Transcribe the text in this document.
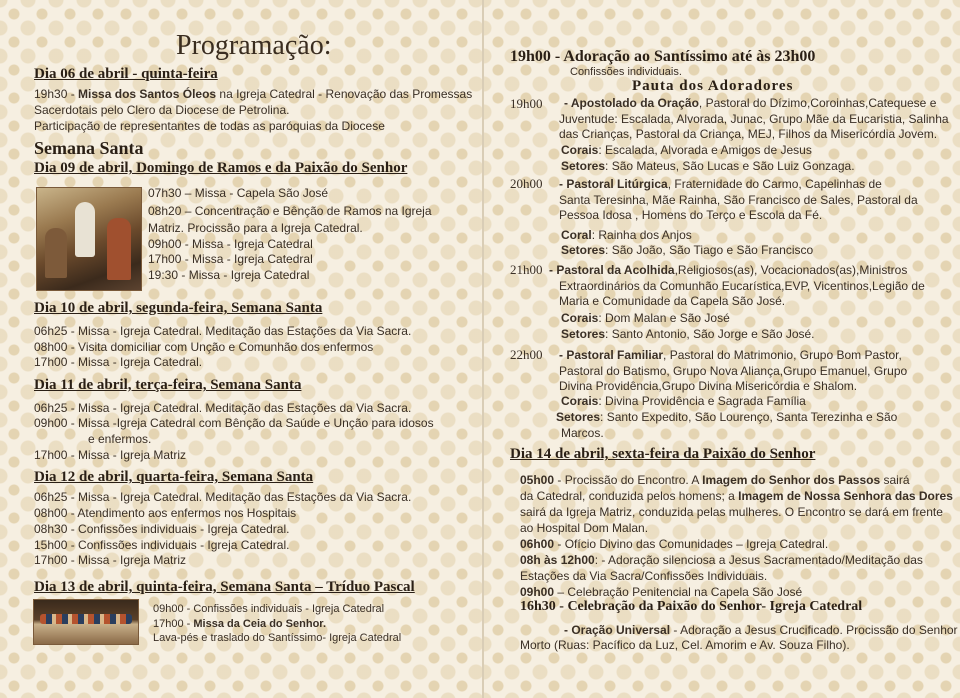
Programação:
Dia 06 de abril - quinta-feira
19h30 - Missa dos Santos Óleos na Igreja Catedral - Renovação das Promessas
Sacerdotais pelo Clero da Diocese de Petrolina.
Participação de representantes de todas as paróquias da Diocese
Semana Santa
Dia 09 de abril, Domingo de Ramos e da Paixão do Senhor
07h30 – Missa - Capela São José
08h20 – Concentração e Bênção de Ramos na Igreja
Matriz. Procissão para a Igreja Catedral.
09h00 - Missa - Igreja Catedral
17h00 - Missa - Igreja Catedral
19:30 - Missa - Igreja Catedral
Dia 10 de abril, segunda-feira, Semana Santa
06h25 - Missa - Igreja Catedral. Meditação das Estações da Via Sacra.
08h00 - Visita domiciliar com Unção e Comunhão dos enfermos
17h00 - Missa - Igreja Catedral.
Dia 11 de abril, terça-feira, Semana Santa
06h25 - Missa - Igreja Catedral. Meditação das Estações da Via Sacra.
09h00 - Missa -Igreja Catedral com Bênção da Saúde e Unção para idosos
e enfermos.
17h00 - Missa - Igreja Matriz
Dia 12 de abril, quarta-feira, Semana Santa
06h25 - Missa - Igreja Catedral. Meditação das Estações da Via Sacra.
08h00 - Atendimento aos enfermos nos Hospitais
08h30 - Confissões individuais - Igreja Catedral.
15h00 - Confissões individuais - Igreja Catedral.
17h00 - Missa - Igreja Matriz
Dia 13 de abril, quinta-feira, Semana Santa – Tríduo Pascal
09h00 - Confissões individuais - Igreja Catedral
17h00 - Missa da Ceia do Senhor.
Lava-pés e traslado do Santíssimo- Igreja Catedral
19h00 - Adoração ao Santíssimo até às 23h00
Confissões individuais.
Pauta dos Adoradores
19h00 - Apostolado da Oração, Pastoral do Dízimo,Coroinhas,Catequese e
Juventude: Escalada, Alvorada, Junac, Grupo Mãe da Eucaristia, Salinha
das Crianças, Pastoral da Criança, MEJ, Filhos da Misericórdia Jovem.
Corais: Escalada, Alvorada e Amigos de Jesus
Setores: São Mateus, São Lucas e São Luiz Gonzaga.
20h00 - Pastoral Litúrgica, Fraternidade do Carmo, Capelinhas de
Santa Teresinha, Mãe Rainha, São Francisco de Sales, Pastoral da
Pessoa Idosa , Homens do Terço e Escola da Fé.
Coral: Rainha dos Anjos
Setores: São João, São Tiago e São Francisco
21h00 - Pastoral da Acolhida,Religiosos(as), Vocacionados(as),Ministros
Extraordinários da Comunhão Eucarística,EVP, Vicentinos,Legião de
Maria e Comunidade da Capela São José.
Corais: Dom Malan e São José
Setores: Santo Antonio, São Jorge e São José.
22h00 - Pastoral Familiar, Pastoral do Matrimonio, Grupo Bom Pastor,
Pastoral do Batismo, Grupo Nova Aliança,Grupo Emanuel, Grupo
Divina Providência,Grupo Divina Misericórdia e Shalom.
Corais: Divina Providência e Sagrada Família
Setores: Santo Expedito, São Lourenço, Santa Terezinha e São
Marcos.
Dia 14 de abril, sexta-feira da Paixão do Senhor
05h00 - Procissão do Encontro. A Imagem do Senhor dos Passos sairá
da Catedral, conduzida pelos homens; a Imagem de Nossa Senhora das Dores
sairá da Igreja Matriz, conduzida pelas mulheres. O Encontro se dará em frente
ao Hospital Dom Malan.
06h00 - Ofício Divino das Comunidades – Igreja Catedral.
08h às 12h00: - Adoração silenciosa a Jesus Sacramentado/Meditação das
Estações da Via Sacra/Confissões Individuais.
09h00 – Celebração Penitencial na Capela São José
16h30 - Celebração da Paixão do Senhor- Igreja Catedral
- Oração Universal - Adoração a Jesus Crucificado. Procissão do Senhor
Morto (Ruas: Pacífico da Luz, Cel. Amorim e Av. Souza Filho).
